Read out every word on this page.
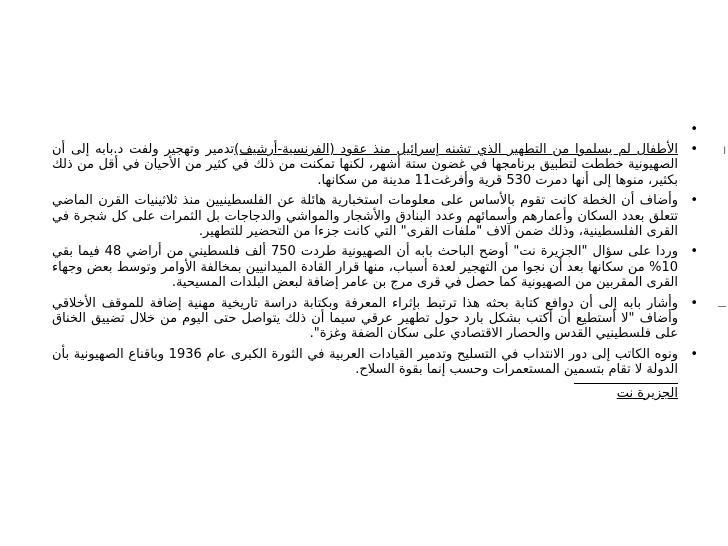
ا
ـــ
•
• الأطفال لم يسلموا من التطهير الذي تشنه إسرائيل منذ عقود (الفرنسية-أرشيف)تدمير وتهجير ولفت د.بابه إلى أن الصهيونية خططت لتطبيق برنامجها في غضون ستة أشهر، لكنها تمكنت من ذلك في كثير من الأحيان في أقل من ذلك بكثير، منوها إلى أنها دمرت 530 قرية وأفرغت11 مدينة من سكانها.
• وأضاف أن الخطة كانت تقوم بالأساس على معلومات استخبارية هائلة عن الفلسطينيين منذ ثلاثينيات القرن الماضي تتعلق بعدد السكان وأعمارهم وأسمائهم وعدد البنادق والأشجار والمواشي والدجاجات بل الثمرات على كل شجرة في القرى الفلسطينية، وذلك ضمن آلاف "ملفات القرى" التي كانت جزءا من التحضير للتطهير.
• وردا على سؤال "الجزيرة نت" أوضح الباحث بابه أن الصهيونية طردت 750 ألف فلسطيني من أراضي 48 فيما بقي 10% من سكانها بعد أن نجوا من التهجير لعدة أسباب، منها قرار القادة الميدانيين بمخالفة الأوامر وتوسط بعض وجهاء القرى المقربين من الصهيونية كما حصل في قرى مرج بن عامر إضافة لبعض البلدات المسيحية.
• وأشار بابه إلى أن دوافع كتابة بحثه هذا ترتبط بإثراء المعرفة وبكتابة دراسة تاريخية مهنية إضافة للموقف الأخلاقي وأضاف "لا أستطيع أن أكتب بشكل بارد حول تطهير عرقي سيما أن ذلك يتواصل حتى اليوم من خلال تضييق الخناق على فلسطينيي القدس والحصار الاقتصادي على سكان الضفة وغزة".
• ونوه الكاتب إلى دور الانتداب في التسليح وتدمير القيادات العربية في الثورة الكبرى عام 1936 وباقناع الصهيونية بأن الدولة لا تقام بتسمين المستعمرات وحسب إنما بقوة السلاح.
الجزيرة نت
